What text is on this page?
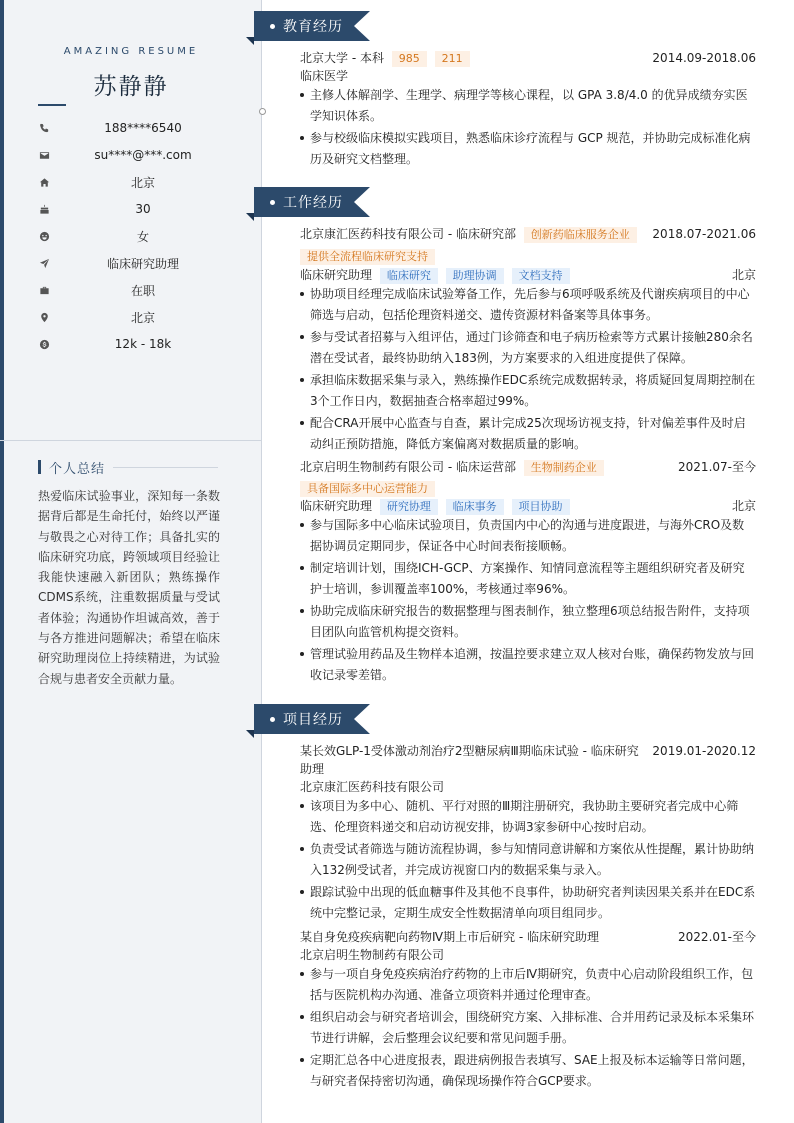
AMAZING RESUME
苏静静
188****6540
su****@***.com
北京
30
女
临床研究助理
在职
北京
12k - 18k
个人总结
热爱临床试验事业，深知每一条数据背后都是生命托付，始终以严谨与敬畏之心对待工作；具备扎实的临床研究功底，跨领域项目经验让我能快速融入新团队；熟练操作CDMS系统，注重数据质量与受试者体验；沟通协作坦诚高效，善于与各方推进问题解决；希望在临床研究助理岗位上持续精进，为试验合规与患者安全贡献力量。
教育经历
北京大学 - 本科 985 211	2014.09-2018.06
临床医学
主修人体解剖学、生理学、病理学等核心课程，以 GPA 3.8/4.0 的优异成绩夯实医学知识体系。
参与校级临床模拟实践项目，熟悉临床诊疗流程与 GCP 规范，并协助完成标准化病历及研究文档整理。
工作经历
北京康汇医药科技有限公司 - 临床研究部 创新药临床服务企业	2018.07-2021.06
提供全流程临床研究支持
临床研究助理 临床研究 助理协调 文档支持	北京
协助项目经理完成临床试验筹备工作，先后参与6项呼吸系统及代谢疾病项目的中心筛选与启动，包括伦理资料递交、遗传资源材料备案等具体事务。
参与受试者招募与入组评估，通过门诊筛查和电子病历检索等方式累计接触280余名潜在受试者，最终协助纳入183例，为方案要求的入组进度提供了保障。
承担临床数据采集与录入，熟练操作EDC系统完成数据转录，将质疑回复周期控制在3个工作日内，数据抽查合格率超过99%。
配合CRA开展中心监查与自查，累计完成25次现场访视支持，针对偏差事件及时启动纠正预防措施，降低方案偏离对数据质量的影响。
北京启明生物制药有限公司 - 临床运营部 生物制药企业	2021.07-至今
具备国际多中心运营能力
临床研究助理 研究协理 临床事务 项目协助	北京
参与国际多中心临床试验项目，负责国内中心的沟通与进度跟进，与海外CRO及数据协调员定期同步，保证各中心时间表衔接顺畅。
制定培训计划，围绕ICH-GCP、方案操作、知情同意流程等主题组织研究者及研究护士培训，参训覆盖率100%，考核通过率96%。
协助完成临床研究报告的数据整理与图表制作，独立整理6项总结报告附件，支持项目团队向监管机构提交资料。
管理试验用药品及生物样本追溯，按温控要求建立双人核对台账，确保药物发放与回收记录零差错。
项目经历
某长效GLP-1受体激动剂治疗2型糖尿病Ⅲ期临床试验 - 临床研究 2019.01-2020.12
助理
北京康汇医药科技有限公司
该项目为多中心、随机、平行对照的Ⅲ期注册研究，我协助主要研究者完成中心筛选、伦理资料递交和启动访视安排，协调3家参研中心按时启动。
负责受试者筛选与随访流程协调，参与知情同意讲解和方案依从性提醒，累计协助纳入132例受试者，并完成访视窗口内的数据采集与录入。
跟踪试验中出现的低血糖事件及其他不良事件，协助研究者判读因果关系并在EDC系统中完整记录，定期生成安全性数据清单向项目组同步。
某自身免疫疾病靶向药物Ⅳ期上市后研究 - 临床研究助理	2022.01-至今
北京启明生物制药有限公司
参与一项自身免疫疾病治疗药物的上市后Ⅳ期研究，负责中心启动阶段组织工作，包括与医院机构办沟通、准备立项资料并通过伦理审查。
组织启动会与研究者培训会，围绕研究方案、入排标准、合并用药记录及标本采集环节进行讲解，会后整理会议纪要和常见问题手册。
定期汇总各中心进度报表，跟进病例报告表填写、SAE上报及标本运输等日常问题，与研究者保持密切沟通，确保现场操作符合GCP要求。
